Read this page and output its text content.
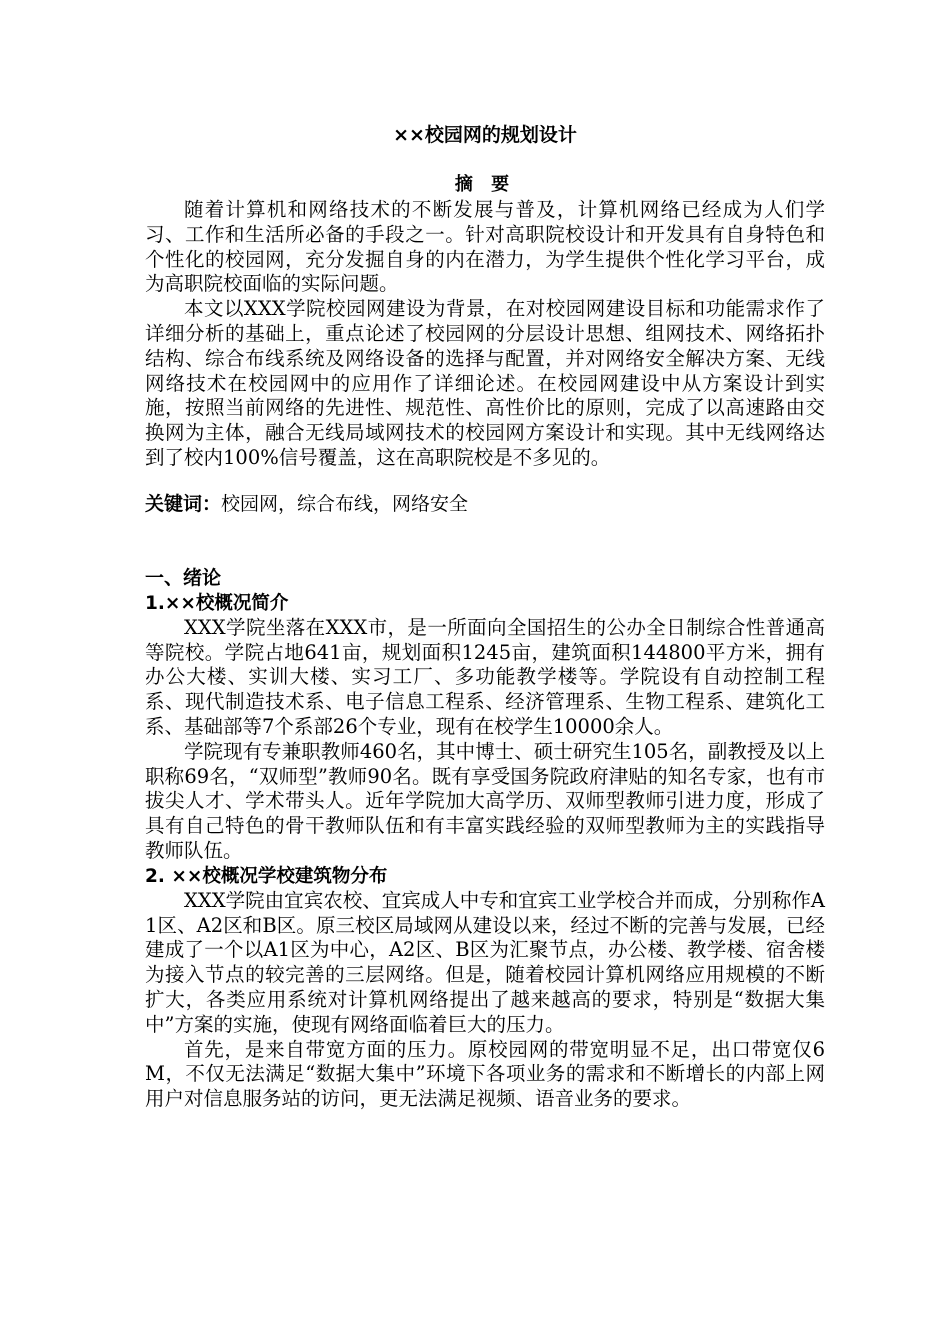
××校园网的规划设计
摘 要

随着计算机和网络技术的不断发展与普及，计算机网络已经成为人们学习、工作和生活所必备的手段之一。针对高职院校设计和开发具有自身特色和个性化的校园网，充分发掘自身的内在潜力，为学生提供个性化学习平台，成为高职院校面临的实际问题。

本文以XXX学院校园网建设为背景，在对校园网建设目标和功能需求作了详细分析的基础上，重点论述了校园网的分层设计思想、组网技术、网络拓扑结构、综合布线系统及网络设备的选择与配置，并对网络安全解决方案、无线网络技术在校园网中的应用作了详细论述。在校园网建设中从方案设计到实施，按照当前网络的先进性、规范性、高性价比的原则，完成了以高速路由交换网为主体，融合无线局域网技术的校园网方案设计和实现。其中无线网络达到了校内100%信号覆盖，这在高职院校是不多见的。

关键词：校园网，综合布线，网络安全

一、绪论
1.××校概况简介

XXX学院坐落在XXX市，是一所面向全国招生的公办全日制综合性普通高等院校。学院占地641亩，规划面积1245亩，建筑面积144800平方米，拥有办公大楼、实训大楼、实习工厂、多功能教学楼等。学院设有自动控制工程系、现代制造技术系、电子信息工程系、经济管理系、生物工程系、建筑化工系、基础部等7个系部26个专业，现有在校学生10000余人。

学院现有专兼职教师460名，其中博士、硕士研究生105名，副教授及以上职称69名，“双师型”教师90名。既有享受国务院政府津贴的知名专家，也有市拔尖人才、学术带头人。近年学院加大高学历、双师型教师引进力度，形成了具有自己特色的骨干教师队伍和有丰富实践经验的双师型教师为主的实践指导教师队伍。

2. ××校概况学校建筑物分布

XXX学院由宜宾农校、宜宾成人中专和宜宾工业学校合并而成，分别称作A1区、A2区和B区。原三校区局域网从建设以来，经过不断的完善与发展，已经建成了一个以A1区为中心，A2区、B区为汇聚节点，办公楼、教学楼、宿舍楼为接入节点的较完善的三层网络。但是，随着校园计算机网络应用规模的不断扩大，各类应用系统对计算机网络提出了越来越高的要求，特别是“数据大集中”方案的实施，使现有网络面临着巨大的压力。

首先，是来自带宽方面的压力。原校园网的带宽明显不足，出口带宽仅6M，不仅无法满足“数据大集中”环境下各项业务的需求和不断增长的内部上网用户对信息服务站的访问，更无法满足视频、语音业务的要求。
